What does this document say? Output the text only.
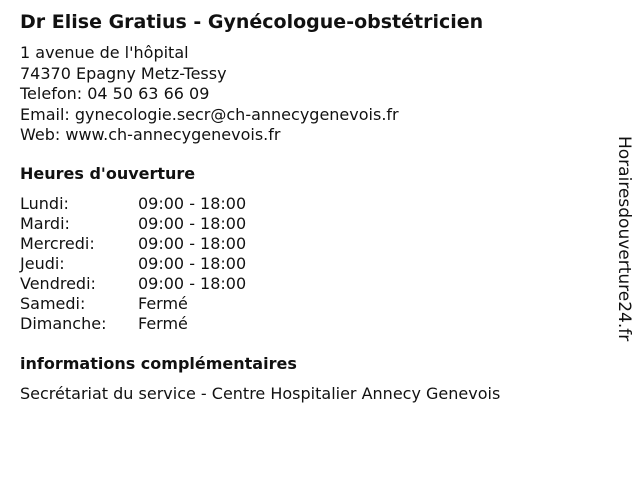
Dr Elise Gratius - Gynécologue-obstétricien
1 avenue de l'hôpital
74370 Epagny Metz-Tessy
Telefon: 04 50 63 66 09
Email: gynecologie.secr@ch-annecygenevois.fr
Web: www.ch-annecygenevois.fr
Heures d'ouverture
Lundi:	09:00 - 18:00
Mardi:	09:00 - 18:00
Mercredi:	09:00 - 18:00
Jeudi:	09:00 - 18:00
Vendredi:	09:00 - 18:00
Samedi:	Fermé
Dimanche: Fermé
informations complémentaires
Secrétariat du service - Centre Hospitalier Annecy Genevois
Horairesdouverture24.fr
